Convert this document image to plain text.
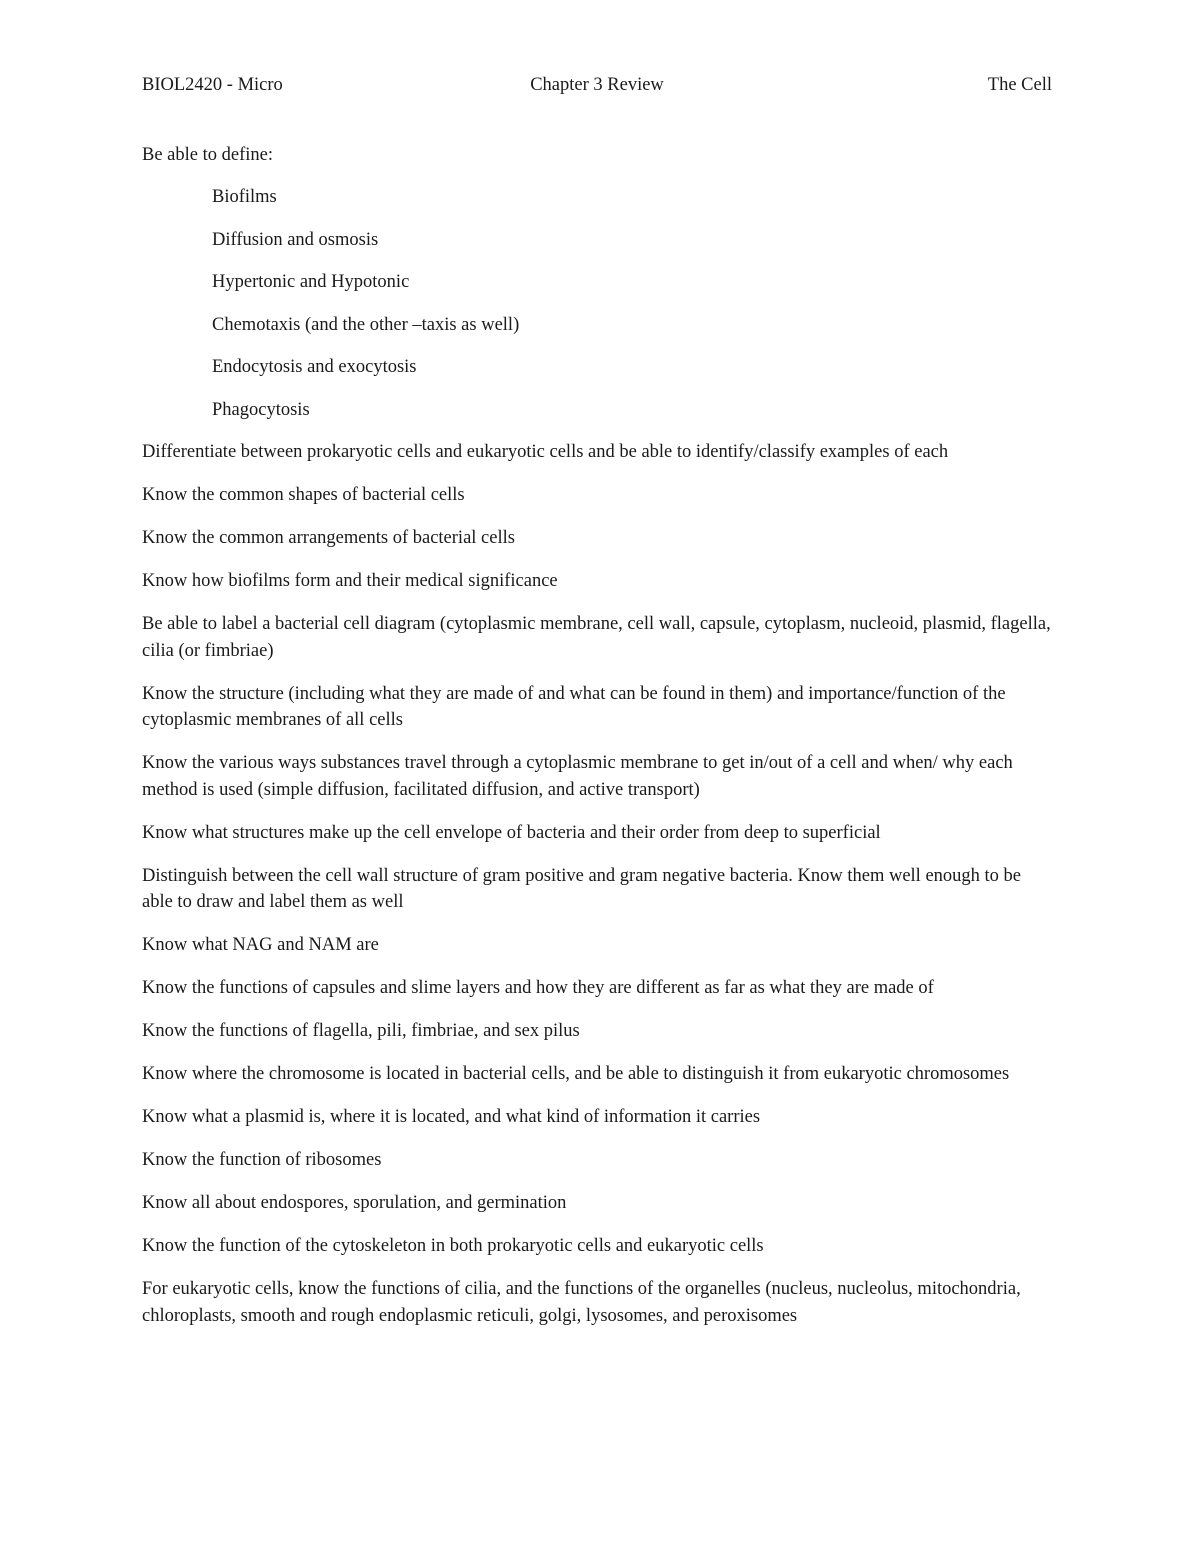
Chapter 3 Review
BIOL2420 - Micro	The Cell

Be able to define:

Biofilms
Diffusion and osmosis
Hypertonic and Hypotonic
Chemotaxis (and the other –taxis as well)
Endocytosis and exocytosis
Phagocytosis

Differentiate between prokaryotic cells and eukaryotic cells and be able to identify/classify examples of each

Know the common shapes of bacterial cells

Know the common arrangements of bacterial cells

Know how biofilms form and their medical significance

Be able to label a bacterial cell diagram (cytoplasmic membrane, cell wall, capsule, cytoplasm, nucleoid, plasmid, flagella, cilia (or fimbriae)

Know the structure (including what they are made of and what can be found in them) and importance/function of the cytoplasmic membranes of all cells

Know the various ways substances travel through a cytoplasmic membrane to get in/out of a cell and when/ why each method is used (simple diffusion, facilitated diffusion, and active transport)

Know what structures make up the cell envelope of bacteria and their order from deep to superficial

Distinguish between the cell wall structure of gram positive and gram negative bacteria. Know them well enough to be able to draw and label them as well

Know what NAG and NAM are

Know the functions of capsules and slime layers and how they are different as far as what they are made of

Know the functions of flagella, pili, fimbriae, and sex pilus

Know where the chromosome is located in bacterial cells, and be able to distinguish it from eukaryotic chromosomes

Know what a plasmid is, where it is located, and what kind of information it carries

Know the function of ribosomes

Know all about endospores, sporulation, and germination

Know the function of the cytoskeleton in both prokaryotic cells and eukaryotic cells

For eukaryotic cells, know the functions of cilia, and the functions of the organelles (nucleus, nucleolus, mitochondria, chloroplasts, smooth and rough endoplasmic reticuli, golgi, lysosomes, and peroxisomes
